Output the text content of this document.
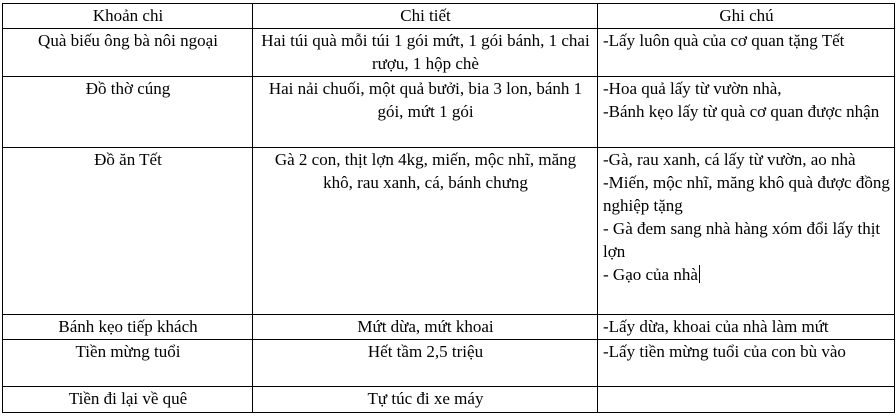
Khoản chi	Chi tiết	Ghi chú
Quà biếu ông bà nôi ngoại	Hai túi quà mỗi túi 1 gói mứt, 1 gói bánh, 1 chai rượu, 1 hộp chè	-Lấy luôn quà của cơ quan tặng Tết

Đồ thờ cúng	Hai nải chuối, một quả bưởi, bia 3 lon, bánh 1 gói, mứt 1 gói	-Hoa quả lấy từ vườn nhà,
-Bánh kẹo lấy từ quà cơ quan được nhận

Đồ ăn Tết	Gà 2 con, thịt lợn 4kg, miến, mộc nhĩ, măng khô, rau xanh, cá, bánh chưng	-Gà, rau xanh, cá lấy từ vườn, ao nhà
-Miến, mộc nhĩ, măng khô quà được đồng nghiệp tặng
- Gà đem sang nhà hàng xóm đổi lấy thịt lợn
- Gạo của nhà

Bánh kẹo tiếp khách	Mứt dừa, mứt khoai	-Lấy dừa, khoai của nhà làm mứt

Tiền mừng tuổi	Hết tầm 2,5 triệu	-Lấy tiền mừng tuổi của con bù vào

Tiền đi lại về quê	Tự túc đi xe máy	
